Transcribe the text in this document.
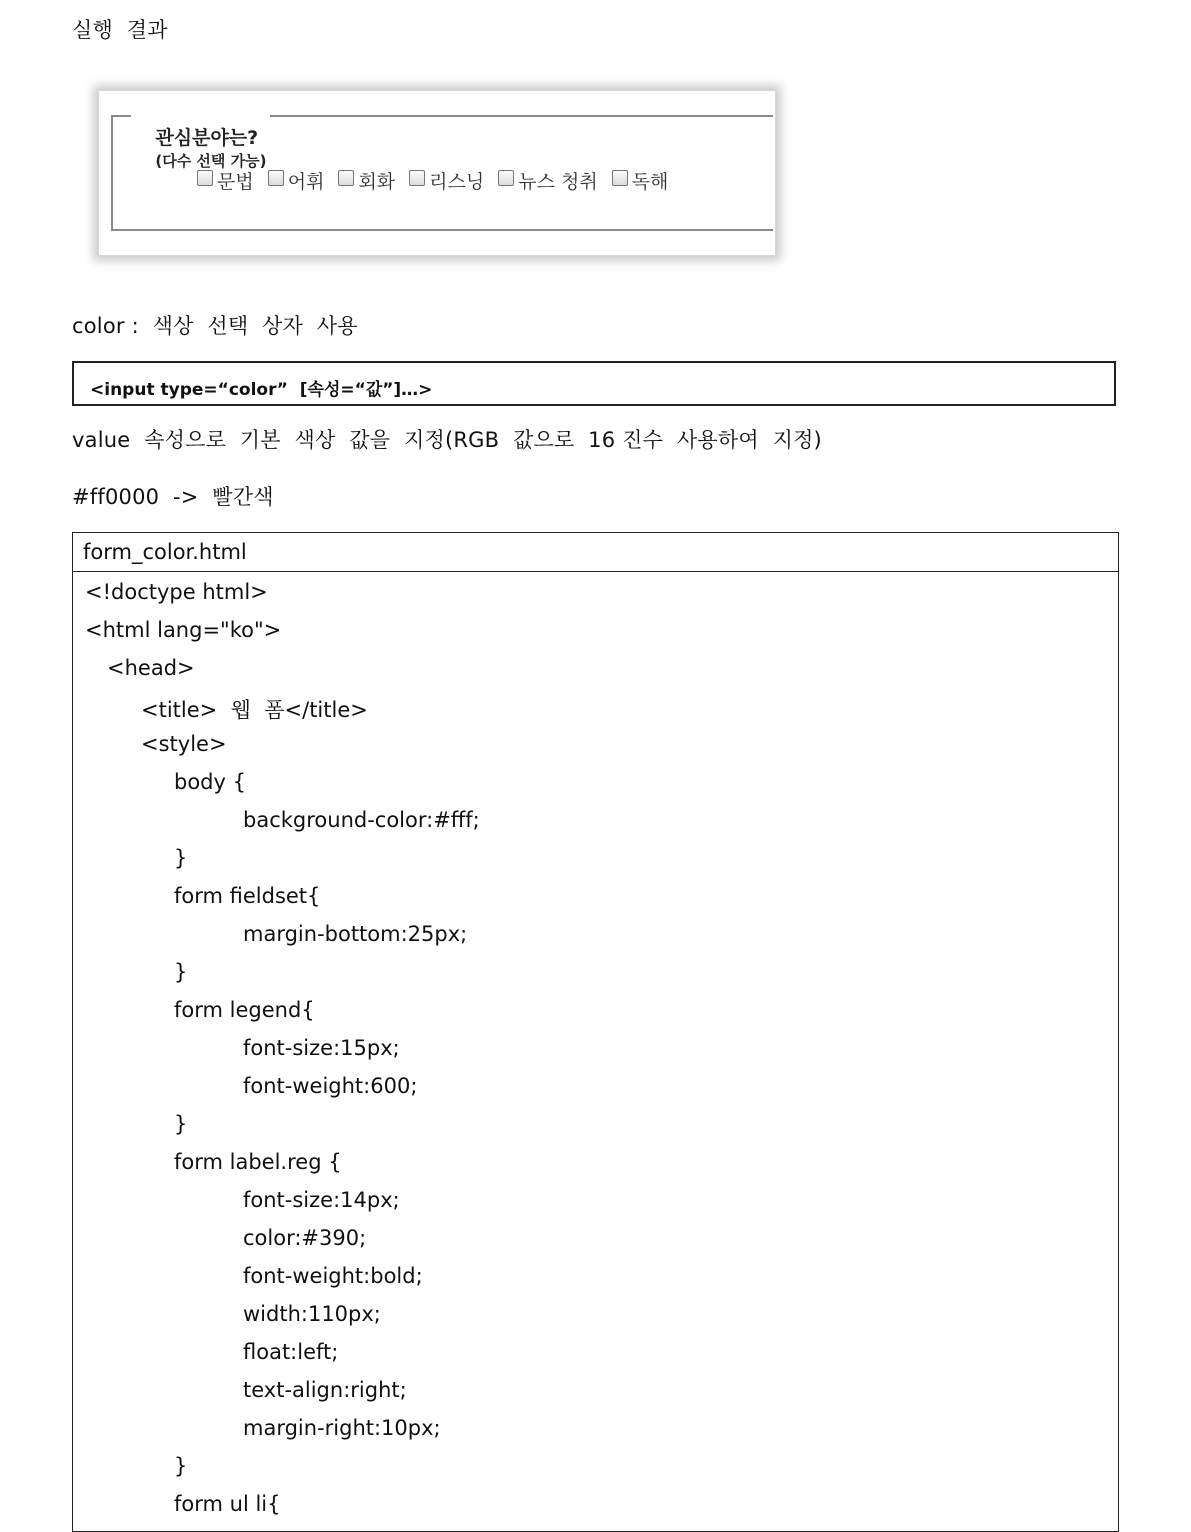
실행  결과

관심분야는?
(다수 선택 가능)

문법 어휘 회화 리스닝 뉴스 청취 독해
color :  색상  선택  상자  사용
<input type=“color”  [속성=“값”]…>
value  속성으로  기본  색상  값을  지정(RGB  값으로  16 진수  사용하여  지정)
#ff0000  ->  빨간색
form_color.html
<!doctype html>
<html lang="ko">
<head>
<title>  웹  폼</title>
<style>
body {
background-color:#fff;
}
form fieldset{
margin-bottom:25px;
}
form legend{
font-size:15px;
font-weight:600;
}
form label.reg {
font-size:14px;
color:#390;
font-weight:bold;
width:110px;
float:left;
text-align:right;
margin-right:10px;
}
form ul li{
